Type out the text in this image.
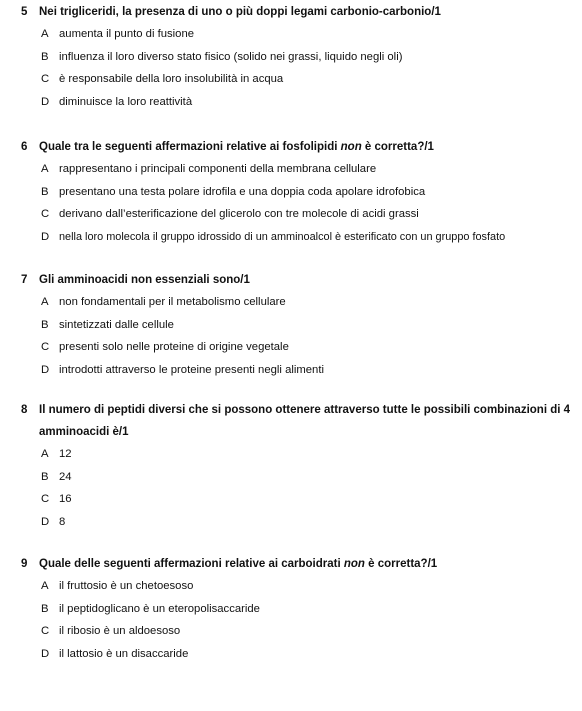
5 Nei trigliceridi, la presenza di uno o più doppi legami carbonio-carbonio/1
A aumenta il punto di fusione
B influenza il loro diverso stato fisico (solido nei grassi, liquido negli oli)
C è responsabile della loro insolubilità in acqua
D diminuisce la loro reattività
6 Quale tra le seguenti affermazioni relative ai fosfolipidi non è corretta?/1
A rappresentano i principali componenti della membrana cellulare
B presentano una testa polare idrofila e una doppia coda apolare idrofobica
C derivano dall’esterificazione del glicerolo con tre molecole di acidi grassi
D nella loro molecola il gruppo idrossido di un amminoalcol è esterificato con un gruppo fosfato
7 Gli amminoacidi non essenziali sono/1
A non fondamentali per il metabolismo cellulare
B sintetizzati dalle cellule
C presenti solo nelle proteine di origine vegetale
D introdotti attraverso le proteine presenti negli alimenti
8 Il numero di peptidi diversi che si possono ottenere attraverso tutte le possibili combinazioni di 4 amminoacidi è/1
A 12
B 24
C 16
D 8
9 Quale delle seguenti affermazioni relative ai carboidrati non è corretta?/1
A il fruttosio è un chetoesoso
B il peptidoglicano è un eteropolisaccaride
C il ribosio è un aldoesoso
D il lattosio è un disaccaride
